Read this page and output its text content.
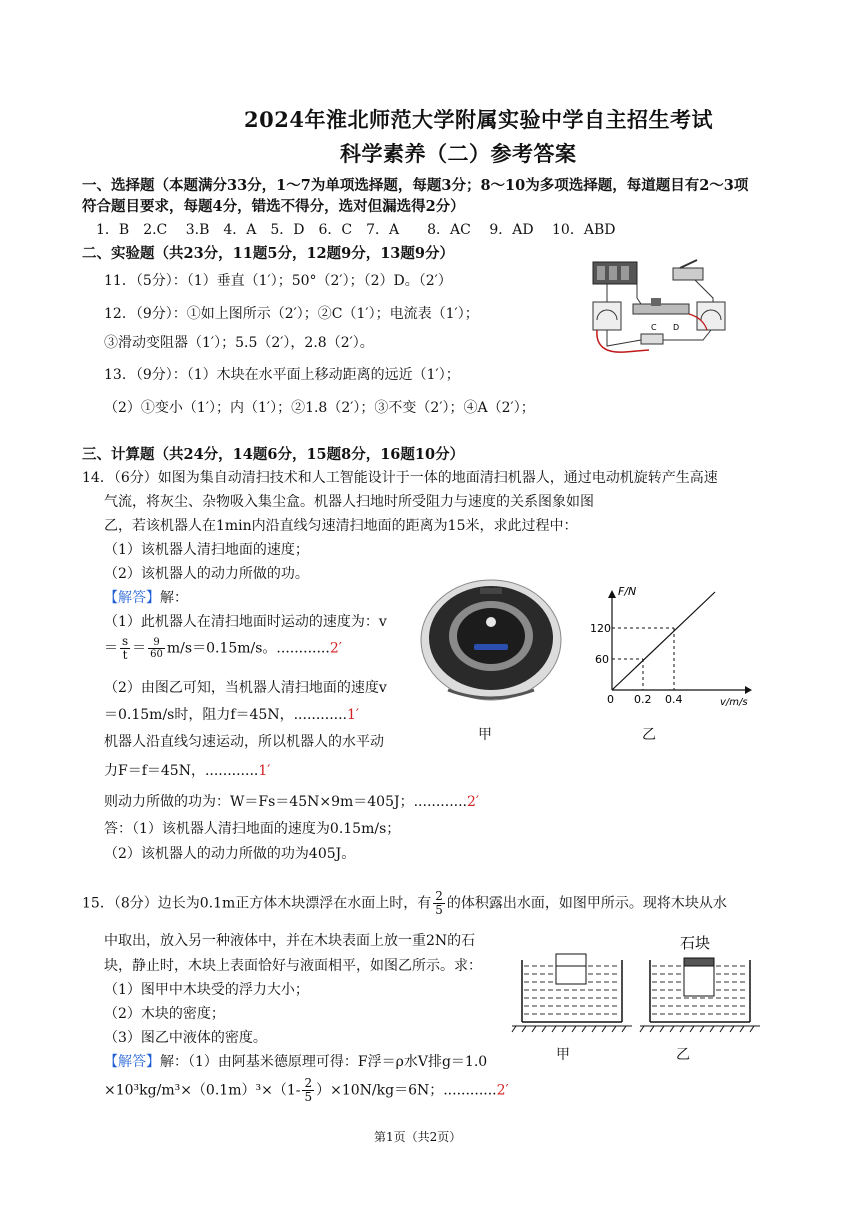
2024年淮北师范大学附属实验中学自主招生考试
科学素养（二）参考答案
一、选择题（本题满分33分，1～7为单项选择题，每题3分；8～10为多项选择题，每道题目有2～3项
符合题目要求，每题4分，错选不得分，选对但漏选得2分）
1．B　2.C　 3.B　4．A　5．D　6．C　7．A　　8．AC　 9．AD　 10．ABD
二、实验题（共23分，11题5分，12题9分，13题9分）
11．（5分）：（1）垂直（1′）；50°（2′）；（2）D。（2′）
12．（9分）：①如上图所示（2′）；②C（1′）；电流表（1′）；
③滑动变阻器（1′）；5.5（2′），2.8（2′）。
13．（9分）：（1）木块在水平面上移动距离的远近（1′）；
（2）①变小（1′）；内（1′）；②1.8（2′）；③不变（2′）；④A（2′）；
C D
三、计算题（共24分，14题6分，15题8分，16题10分）
14．（6分）如图为集自动清扫技术和人工智能设计于一体的地面清扫机器人，通过电动机旋转产生高速
气流，将灰尘、杂物吸入集尘盒。机器人扫地时所受阻力与速度的关系图象如图
乙，若该机器人在1min内沿直线匀速清扫地面的距离为15米，求此过程中：
（1）该机器人清扫地面的速度；
（2）该机器人的动力所做的功。
【解答】解：
（1）此机器人在清扫地面时运动的速度为：v
＝ $\frac{s}{t} = \frac{9}{60} m/s=0.15m/s$。............2′
（2）由图乙可知，当机器人清扫地面的速度v
＝0.15m/s时，阻力f＝45N，............1′
机器人沿直线匀速运动，所以机器人的水平动
力F＝f＝45N，............1′
则动力所做的功为：W＝Fs＝45N×9m＝405J；............2′
答：（1）该机器人清扫地面的速度为0.15m/s；
（2）该机器人的动力所做的功为405J。
甲
F/N
120
60
0 0.2 0.4	v/m/s
乙
15．（8分）边长为0.1m正方体木块漂浮在水面上时，有 $\frac{2}{5}$ 的体积露出水面，如图甲所示。现将木块从水
中取出，放入另一种液体中，并在木块表面上放一重2N的石
块，静止时，木块上表面恰好与液面相平，如图乙所示。求：
（1）图甲中木块受的浮力大小；
（2）木块的密度；
（3）图乙中液体的密度。
【解答】解：（1）由阿基米德原理可得：F浮＝ρ水V排g＝1.0
$\times 10^3kg/m^3\times(0.1m)^3\times(1- \frac{2}{5} )\times 10N/kg=6N$；............2′
石块
甲	乙
第1页（共2页）
